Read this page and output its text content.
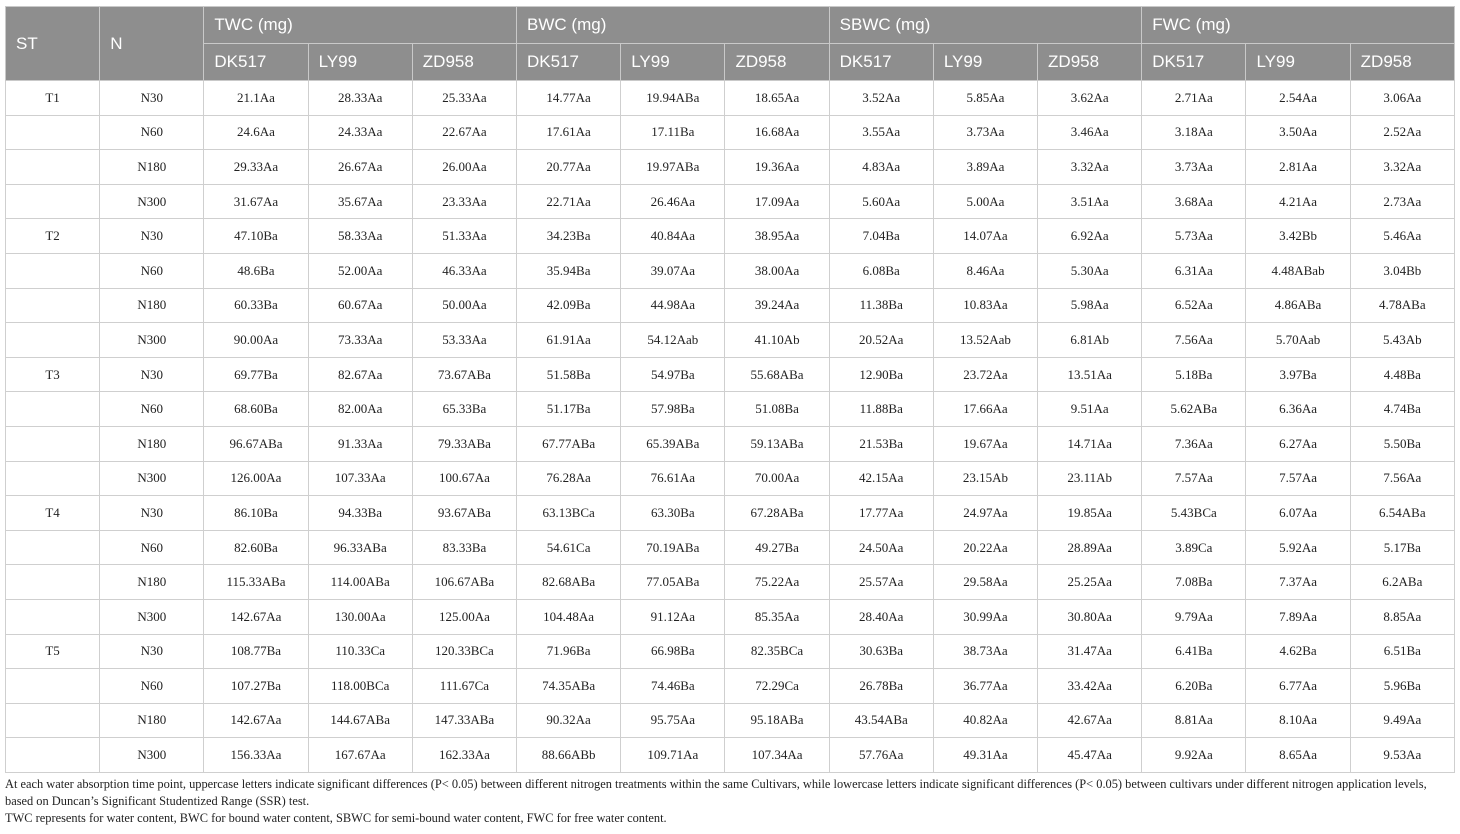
ST	N	TWC (mg)			BWC (mg)			SBWC (mg)			FWC (mg)		
		DK517	LY99	ZD958	DK517	LY99	ZD958	DK517	LY99	ZD958	DK517	LY99	ZD958
T1	N30	21.1Aa	28.33Aa	25.33Aa	14.77Aa	19.94ABa	18.65Aa	3.52Aa	5.85Aa	3.62Aa	2.71Aa	2.54Aa	3.06Aa
	N60	24.6Aa	24.33Aa	22.67Aa	17.61Aa	17.11Ba	16.68Aa	3.55Aa	3.73Aa	3.46Aa	3.18Aa	3.50Aa	2.52Aa
	N180	29.33Aa	26.67Aa	26.00Aa	20.77Aa	19.97ABa	19.36Aa	4.83Aa	3.89Aa	3.32Aa	3.73Aa	2.81Aa	3.32Aa
	N300	31.67Aa	35.67Aa	23.33Aa	22.71Aa	26.46Aa	17.09Aa	5.60Aa	5.00Aa	3.51Aa	3.68Aa	4.21Aa	2.73Aa
T2	N30	47.10Ba	58.33Aa	51.33Aa	34.23Ba	40.84Aa	38.95Aa	7.04Ba	14.07Aa	6.92Aa	5.73Aa	3.42Bb	5.46Aa
	N60	48.6Ba	52.00Aa	46.33Aa	35.94Ba	39.07Aa	38.00Aa	6.08Ba	8.46Aa	5.30Aa	6.31Aa	4.48ABab	3.04Bb
	N180	60.33Ba	60.67Aa	50.00Aa	42.09Ba	44.98Aa	39.24Aa	11.38Ba	10.83Aa	5.98Aa	6.52Aa	4.86ABa	4.78ABa
	N300	90.00Aa	73.33Aa	53.33Aa	61.91Aa	54.12Aab	41.10Ab	20.52Aa	13.52Aab	6.81Ab	7.56Aa	5.70Aab	5.43Ab
T3	N30	69.77Ba	82.67Aa	73.67ABa	51.58Ba	54.97Ba	55.68ABa	12.90Ba	23.72Aa	13.51Aa	5.18Ba	3.97Ba	4.48Ba
	N60	68.60Ba	82.00Aa	65.33Ba	51.17Ba	57.98Ba	51.08Ba	11.88Ba	17.66Aa	9.51Aa	5.62ABa	6.36Aa	4.74Ba
	N180	96.67ABa	91.33Aa	79.33ABa	67.77ABa	65.39ABa	59.13ABa	21.53Ba	19.67Aa	14.71Aa	7.36Aa	6.27Aa	5.50Ba
	N300	126.00Aa	107.33Aa	100.67Aa	76.28Aa	76.61Aa	70.00Aa	42.15Aa	23.15Ab	23.11Ab	7.57Aa	7.57Aa	7.56Aa
T4	N30	86.10Ba	94.33Ba	93.67ABa	63.13BCa	63.30Ba	67.28ABa	17.77Aa	24.97Aa	19.85Aa	5.43BCa	6.07Aa	6.54ABa
	N60	82.60Ba	96.33ABa	83.33Ba	54.61Ca	70.19ABa	49.27Ba	24.50Aa	20.22Aa	28.89Aa	3.89Ca	5.92Aa	5.17Ba
	N180	115.33ABa	114.00ABa	106.67ABa	82.68ABa	77.05ABa	75.22Aa	25.57Aa	29.58Aa	25.25Aa	7.08Ba	7.37Aa	6.2ABa
	N300	142.67Aa	130.00Aa	125.00Aa	104.48Aa	91.12Aa	85.35Aa	28.40Aa	30.99Aa	30.80Aa	9.79Aa	7.89Aa	8.85Aa
T5	N30	108.77Ba	110.33Ca	120.33BCa	71.96Ba	66.98Ba	82.35BCa	30.63Ba	38.73Aa	31.47Aa	6.41Ba	4.62Ba	6.51Ba
	N60	107.27Ba	118.00BCa	111.67Ca	74.35ABa	74.46Ba	72.29Ca	26.78Ba	36.77Aa	33.42Aa	6.20Ba	6.77Aa	5.96Ba
	N180	142.67Aa	144.67ABa	147.33ABa	90.32Aa	95.75Aa	95.18ABa	43.54ABa	40.82Aa	42.67Aa	8.81Aa	8.10Aa	9.49Aa
	N300	156.33Aa	167.67Aa	162.33Aa	88.66ABb	109.71Aa	107.34Aa	57.76Aa	49.31Aa	45.47Aa	9.92Aa	8.65Aa	9.53Aa
At each water absorption time point, uppercase letters indicate significant differences (P< 0.05) between different nitrogen treatments within the same Cultivars, while lowercase letters indicate significant differences (P< 0.05) between cultivars under different nitrogen application levels, based on Duncan’s Significant Studentized Range (SSR) test.
TWC represents for water content, BWC for bound water content, SBWC for semi-bound water content, FWC for free water content.
